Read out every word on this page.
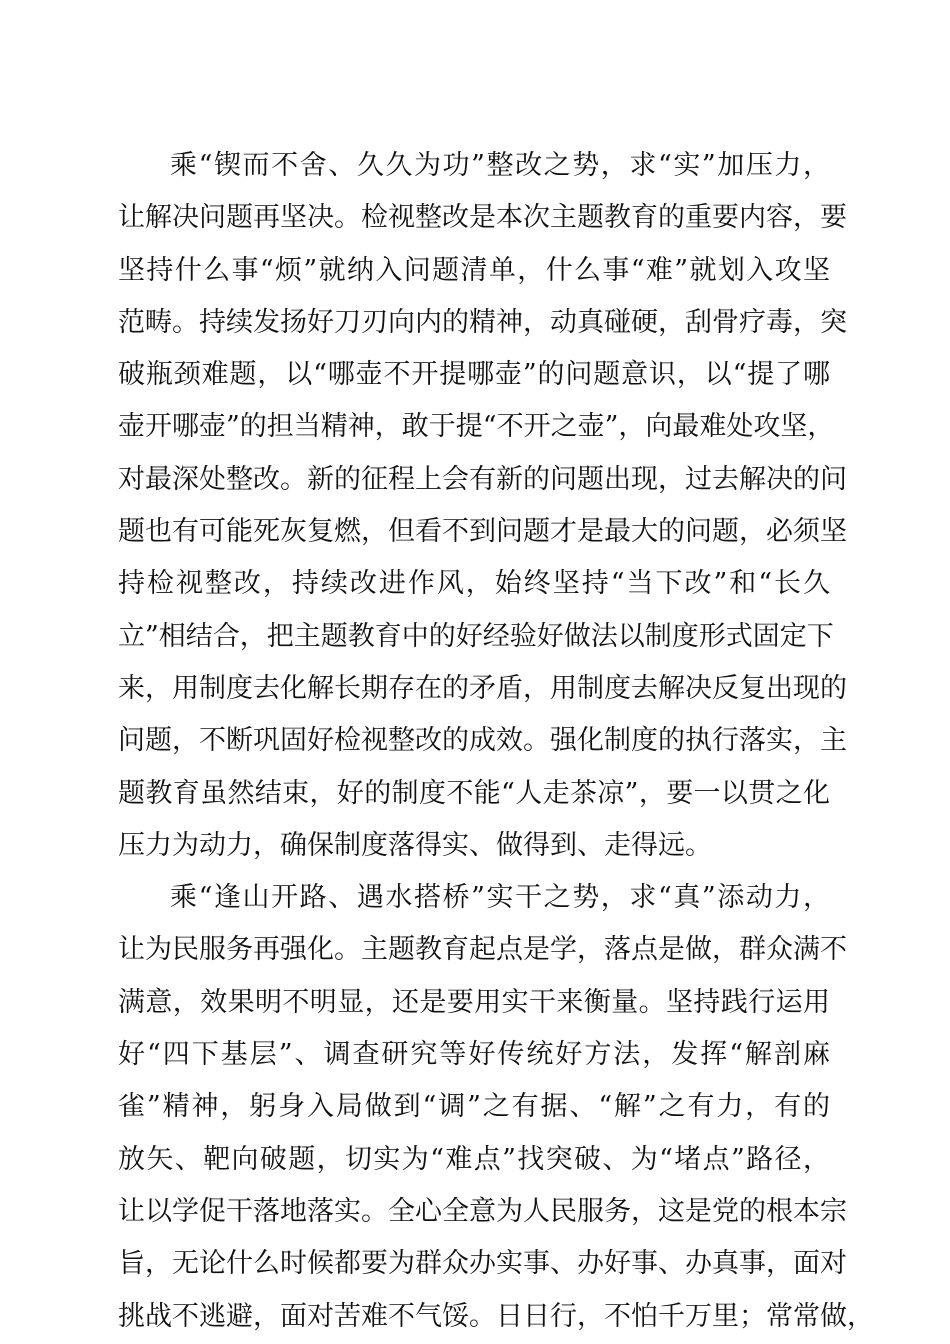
乘“锲而不舍、久久为功”整改之势，求“实”加压力，
让解决问题再坚决。检视整改是本次主题教育的重要内容，要
坚持什么事“烦”就纳入问题清单，什么事“难”就划入攻坚
范畴。持续发扬好刀刃向内的精神，动真碰硬，刮骨疗毒，突
破瓶颈难题，以“哪壶不开提哪壶”的问题意识，以“提了哪
壶开哪壶”的担当精神，敢于提“不开之壶”，向最难处攻坚，
对最深处整改。新的征程上会有新的问题出现，过去解决的问
题也有可能死灰复燃，但看不到问题才是最大的问题，必须坚
持检视整改，持续改进作风，始终坚持“当下改”和“长久
立”相结合，把主题教育中的好经验好做法以制度形式固定下
来，用制度去化解长期存在的矛盾，用制度去解决反复出现的
问题，不断巩固好检视整改的成效。强化制度的执行落实，主
题教育虽然结束，好的制度不能“人走茶凉”，要一以贯之化
压力为动力，确保制度落得实、做得到、走得远。
乘“逢山开路、遇水搭桥”实干之势，求“真”添动力，
让为民服务再强化。主题教育起点是学，落点是做，群众满不
满意，效果明不明显，还是要用实干来衡量。坚持践行运用
好“四下基层”、调查研究等好传统好方法，发挥“解剖麻
雀”精神，躬身入局做到“调”之有据、“解”之有力，有的
放矢、靶向破题，切实为“难点”找突破、为“堵点”路径，
让以学促干落地落实。全心全意为人民服务，这是党的根本宗
旨，无论什么时候都要为群众办实事、办好事、办真事，面对
挑战不逃避，面对苦难不气馁。日日行，不怕千万里；常常做，
